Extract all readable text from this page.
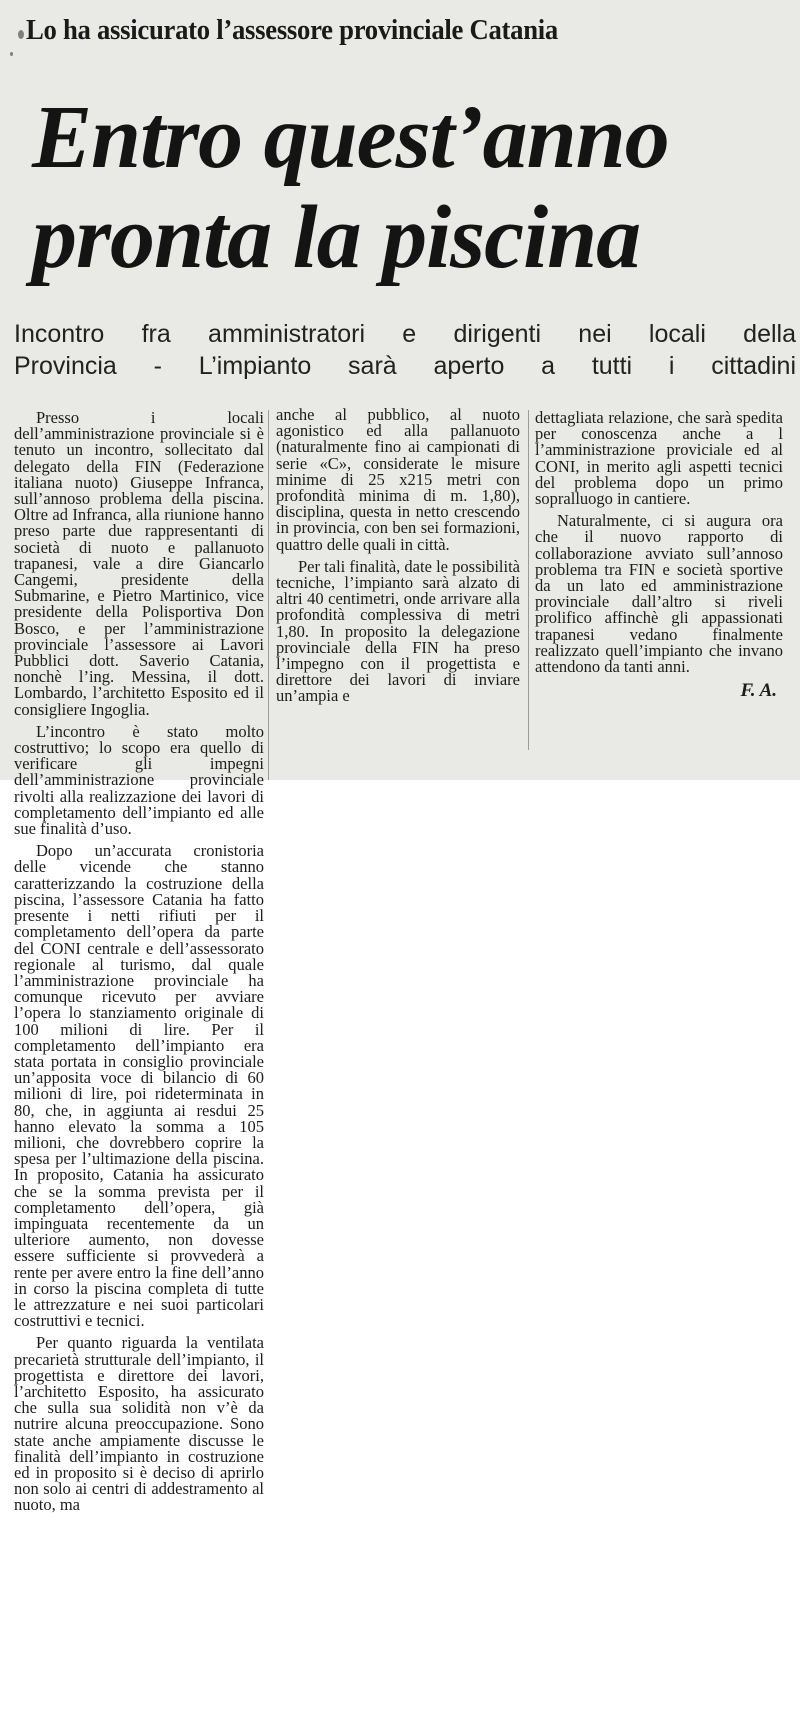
Lo ha assicurato l’assessore provinciale Catania
Entro quest’anno
pronta la piscina
Incontro fra amministratori e dirigenti nei locali della
Provincia - L’impianto sarà aperto a tutti i cittadini

Presso i locali dell’amministrazione provinciale si è tenuto un incontro, sollecitato dal delegato della FIN (Federazione italiana nuoto) Giuseppe Infranca, sull’annoso problema della piscina. Oltre ad Infranca, alla riunione hanno preso parte due rappresentanti di società di nuoto e pallanuoto trapanesi, vale a dire Giancarlo Cangemi, presidente della Submarine, e Pietro Martinico, vice presidente della Polisportiva Don Bosco, e per l’amministrazione provinciale l’assessore ai Lavori Pubblici dott. Saverio Catania, nonchè l’ing. Messina, il dott. Lombardo, l’architetto Esposito ed il consigliere Ingoglia.

L’incontro è stato molto costruttivo; lo scopo era quello di verificare gli impegni dell’amministrazione provinciale rivolti alla realizzazione dei lavori di completamento dell’impianto ed alle sue finalità d’uso.

Dopo un’accurata cronistoria delle vicende che stanno caratterizzando la costruzione della piscina, l’assessore Catania ha fatto presente i netti rifiuti per il completamento dell’opera da parte del CONI centrale e dell’assessorato regionale al turismo, dal quale l’amministrazione provinciale ha comunque ricevuto per avviare l’opera lo stanziamento originale di 100 milioni di lire. Per il completamento dell’impianto era stata portata in consiglio provinciale un’apposita voce di bilancio di 60 milioni di lire, poi rideterminata in 80, che, in aggiunta ai resdui 25 hanno elevato la somma a 105 milioni, che dovrebbero coprire la spesa per l’ultimazione della piscina. In proposito, Catania ha assicurato che se la somma prevista per il completamento dell’opera, già impinguata recentemente da un ulteriore aumento, non dovesse essere sufficiente si provvederà a rente per avere entro la fine dell’anno in corso la piscina completa di tutte le attrezzature e nei suoi particolari costruttivi e tecnici.

Per quanto riguarda la ventilata precarietà strutturale dell’impianto, il progettista e direttore dei lavori, l’architetto Esposito, ha assicurato che sulla sua solidità non v’è da nutrire alcuna preoccupazione. Sono state anche ampiamente discusse le finalità dell’impianto in costruzione ed in proposito si è deciso di aprirlo non solo ai centri di addestramento al nuoto, ma

anche al pubblico, al nuoto agonistico ed alla pallanuoto (naturalmente fino ai campionati di serie «C», considerate le misure minime di 25 x215 metri con profondità minima di m. 1,80), disciplina, questa in netto crescendo in provincia, con ben sei formazioni, quattro delle quali in città.

Per tali finalità, date le possibilità tecniche, l’impianto sarà alzato di altri 40 centimetri, onde arrivare alla profondità complessiva di metri 1,80. In proposito la delegazione provinciale della FIN ha preso l’impegno con il progettista e direttore dei lavori di inviare un’ampia e

dettagliata relazione, che sarà spedita per conoscenza anche a l l’amministrazione proviciale ed al CONI, in merito agli aspetti tecnici del problema dopo un primo sopralluogo in cantiere.

Naturalmente, ci si augura ora che il nuovo rapporto di collaborazione avviato sull’annoso problema tra FIN e società sportive da un lato ed amministrazione provinciale dall’altro si riveli prolifico affinchè gli appassionati trapanesi vedano finalmente realizzato quell’impianto che invano attendono da tanti anni.

F. A.
